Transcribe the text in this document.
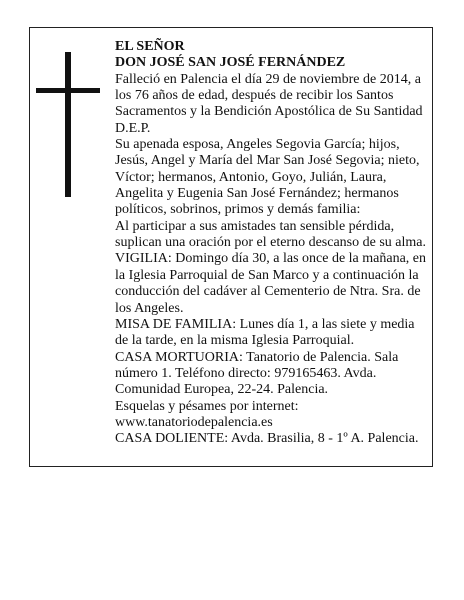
EL SEÑOR

DON JOSÉ SAN JOSÉ FERNÁNDEZ

Falleció en Palencia el día 29 de noviembre de 2014, a los 76 años de edad, después de recibir los Santos Sacramentos y la Bendición Apostólica de Su Santidad D.E.P.

Su apenada esposa, Angeles Segovia García; hijos, Jesús, Angel y María del Mar San José Segovia; nieto, Víctor; hermanos, Antonio, Goyo, Julián, Laura, Angelita y Eugenia San José Fernández; hermanos políticos, sobrinos, primos y demás familia:

Al participar a sus amistades tan sensible pérdida, suplican una oración por el eterno descanso de su alma.

VIGILIA: Domingo día 30, a las once de la mañana, en la Iglesia Parroquial de San Marco y a continuación la conducción del cadáver al Cementerio de Ntra. Sra. de los Angeles.

MISA DE FAMILIA: Lunes día 1, a las siete y media de la tarde, en la misma Iglesia Parroquial.

CASA MORTUORIA: Tanatorio de Palencia. Sala número 1. Teléfono directo: 979165463. Avda. Comunidad Europea, 22-24. Palencia.

Esquelas y pésames por internet:

www.tanatoriodepalencia.es

CASA DOLIENTE: Avda. Brasilia, 8 - 1º A. Palencia.
